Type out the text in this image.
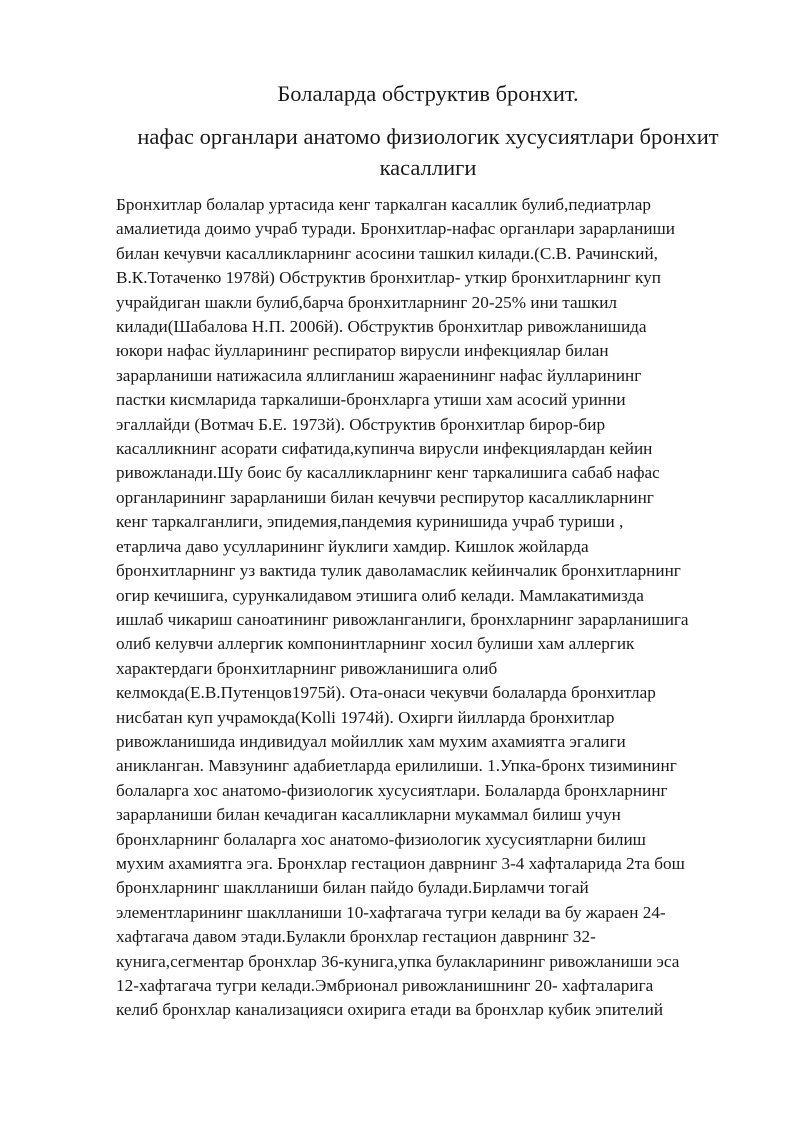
Болаларда обструктив бронхит.
нафас органлари анатомо физиологик хусусиятлари бронхит
касаллиги
Бронхитлар болалар уртасида кенг таркалган касаллик булиб,педиатрлар
амалиетида доимо учраб туради. Бронхитлар-нафас органлари зарарланиши
билан кечувчи касалликларнинг асосини ташкил килади.(С.В. Рачинский,
В.К.Тотаченко 1978й) Обструктив бронхитлар- уткир бронхитларнинг куп
учрайдиган шакли булиб,барча бронхитларнинг 20-25% ини ташкил
килади(Шабалова Н.П. 2006й). Обструктив бронхитлар ривожланишида
юкори нафас йулларининг респиратор вирусли инфекциялар билан
зарарланиши натижасила яллигланиш жараенининг нафас йулларининг
пастки кисмларида таркалиши-бронхларга утиши хам асосий уринни
эгаллайди (Вотмач Б.Е. 1973й). Обструктив бронхитлар бирор-бир
касалликнинг асорати сифатида,купинча вирусли инфекциялардан кейин
ривожланади.Шу боис бу касалликларнинг кенг таркалишига сабаб нафас
органларининг зарарланиши билан кечувчи респирутор касалликларнинг
кенг таркалганлиги, эпидемия,пандемия куринишида учраб туриши ,
етарлича даво усулларининг йуклиги хамдир. Кишлок жойларда
бронхитларнинг уз вактида тулик даволамаслик кейинчалик бронхитларнинг
огир кечишига, сурункалидавом этишига олиб келади. Мамлакатимизда
ишлаб чикариш саноатининг ривожланганлиги, бронхларнинг зарарланишига
олиб келувчи аллергик компонинтларнинг хосил булиши хам аллергик
характердаги бронхитларнинг ривожланишига олиб
келмокда(Е.В.Путенцов1975й). Ота-онаси чекувчи болаларда бронхитлар
нисбатан куп учрамокда(Kolli 1974й). Охирги йилларда бронхитлар
ривожланишида индивидуал мойиллик хам мухим ахамиятга эгалиги
аникланган. Мавзунинг адабиетларда ерилилиши. 1.Упка-бронх тизимининг
болаларга хос анатомо-физиологик хусусиятлари. Болаларда бронхларнинг
зарарланиши билан кечадиган касалликларни мукаммал билиш учун
бронхларнинг болаларга хос анатомо-физиологик хусусиятларни билиш
мухим ахамиятга эга. Бронхлар гестацион даврнинг 3-4 хафталарида 2та бош
бронхларнинг шаклланиши билан пайдо булади.Бирламчи тогай
элементларининг шаклланиши 10-хафтагача тугри келади ва бу жараен 24-
хафтагача давом этади.Булакли бронхлар гестацион даврнинг 32-
кунига,сегментар бронхлар 36-кунига,упка булакларининг ривожланиши эса
12-хафтагача тугри келади.Эмбрионал ривожланишнинг 20- хафталарига
келиб бронхлар канализацияси охирига етади ва бронхлар кубик эпителий
